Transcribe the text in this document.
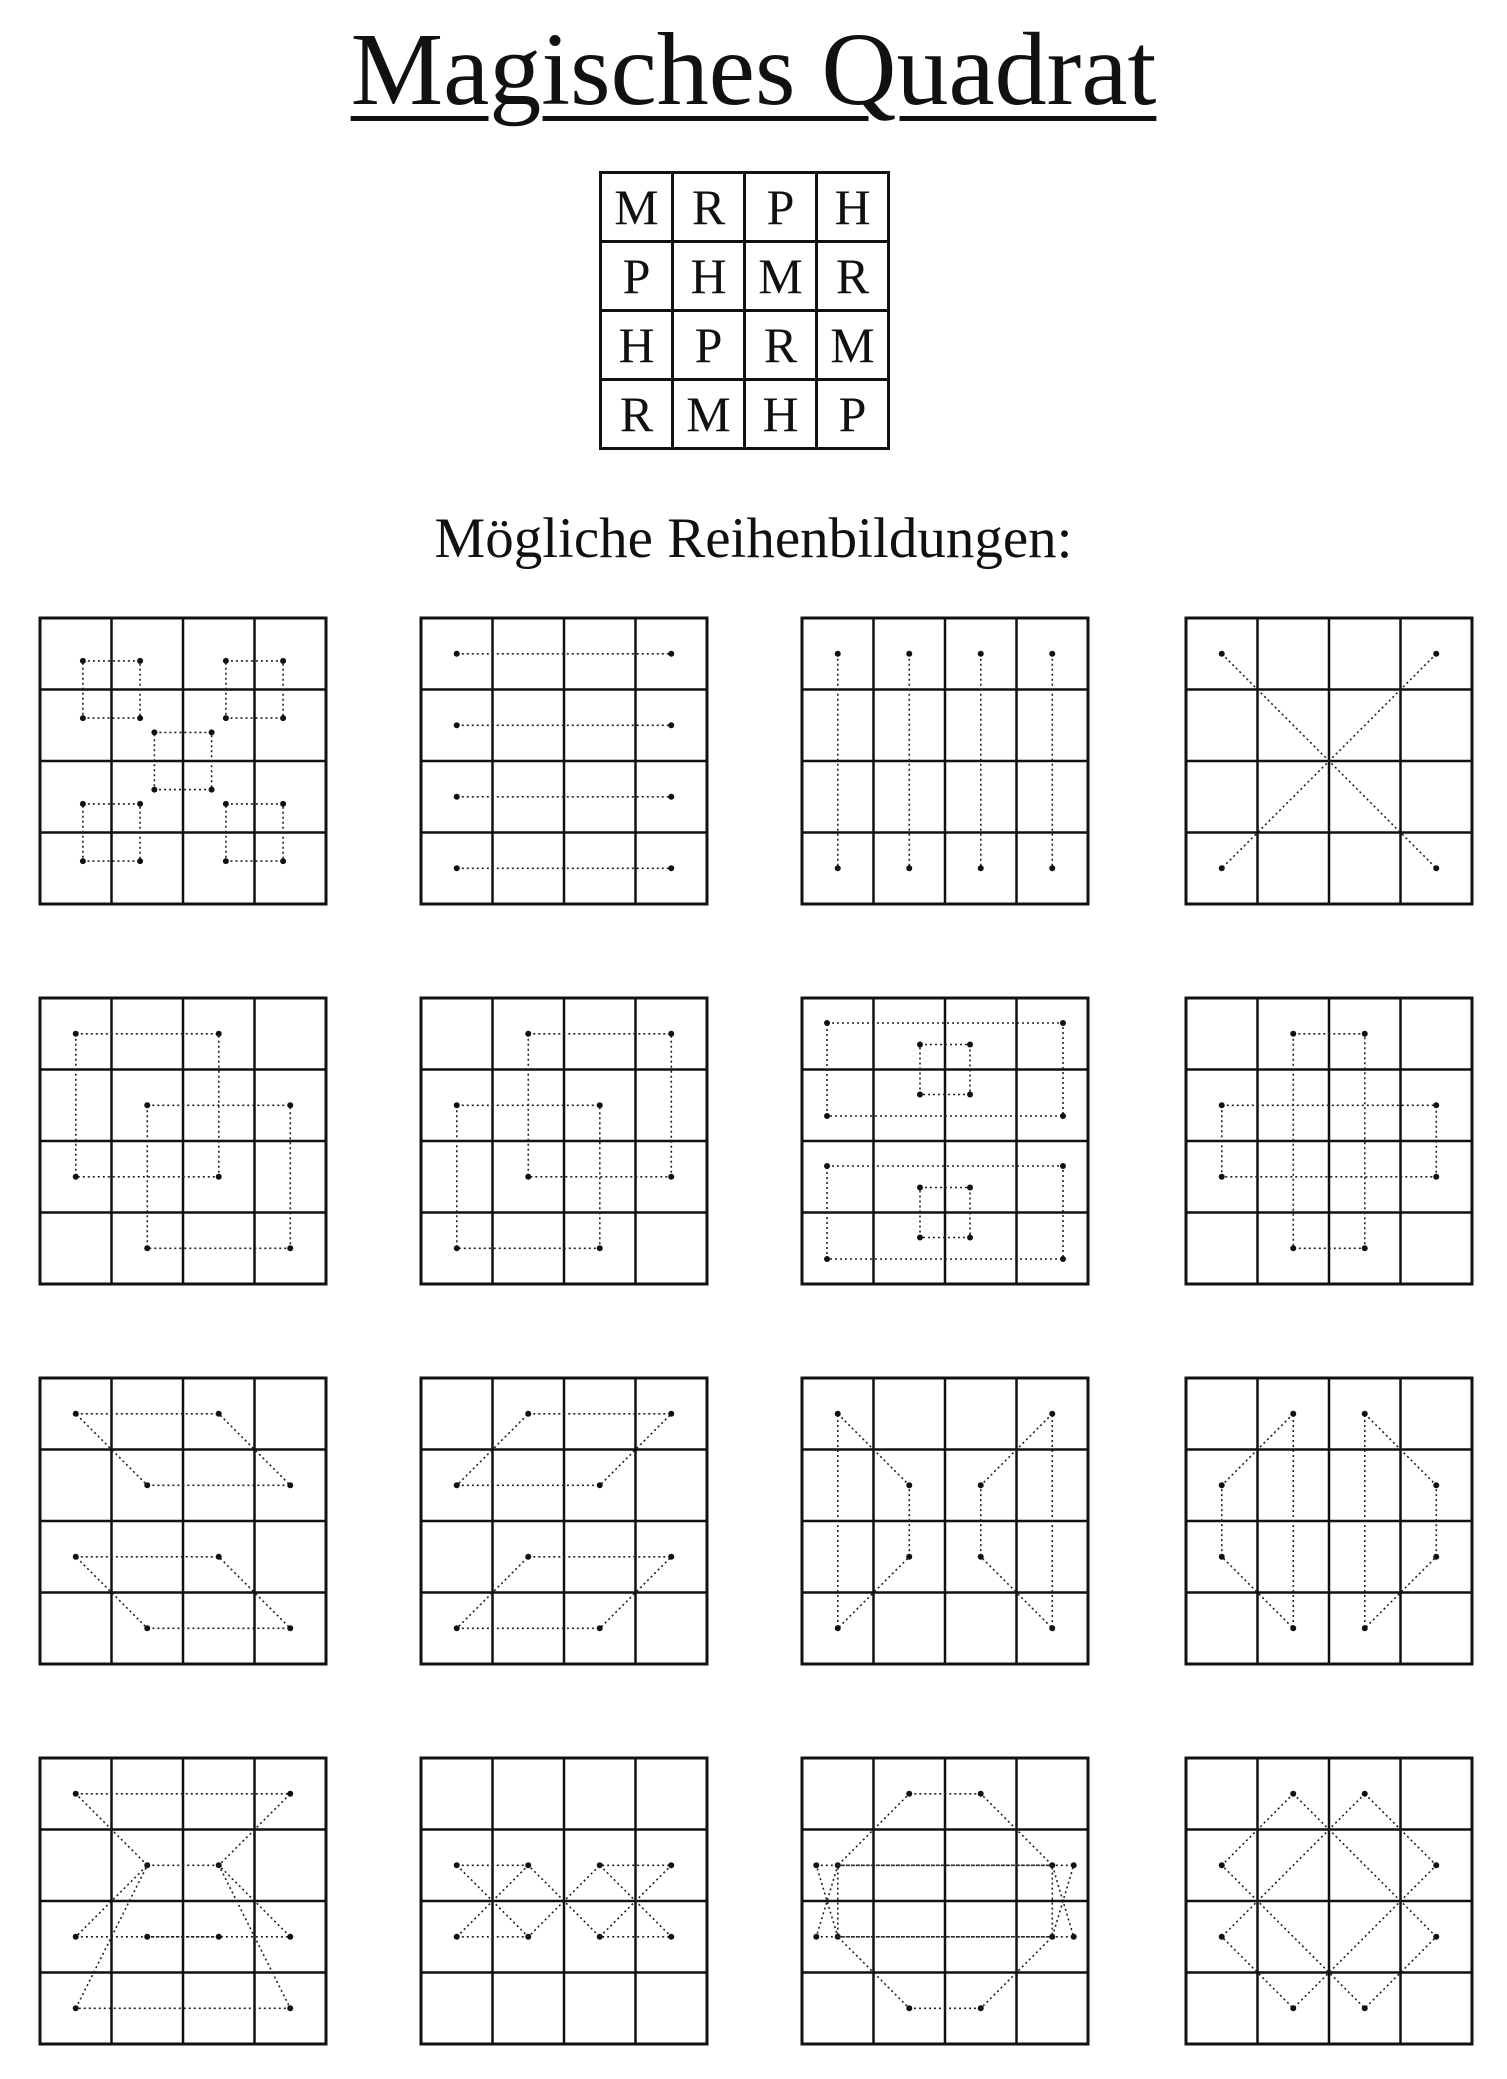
Magisches Quadrat
M	R	P	H
P	H	M	R
H	P	R	M
R	M	H	P
Mögliche Reihenbildungen:
